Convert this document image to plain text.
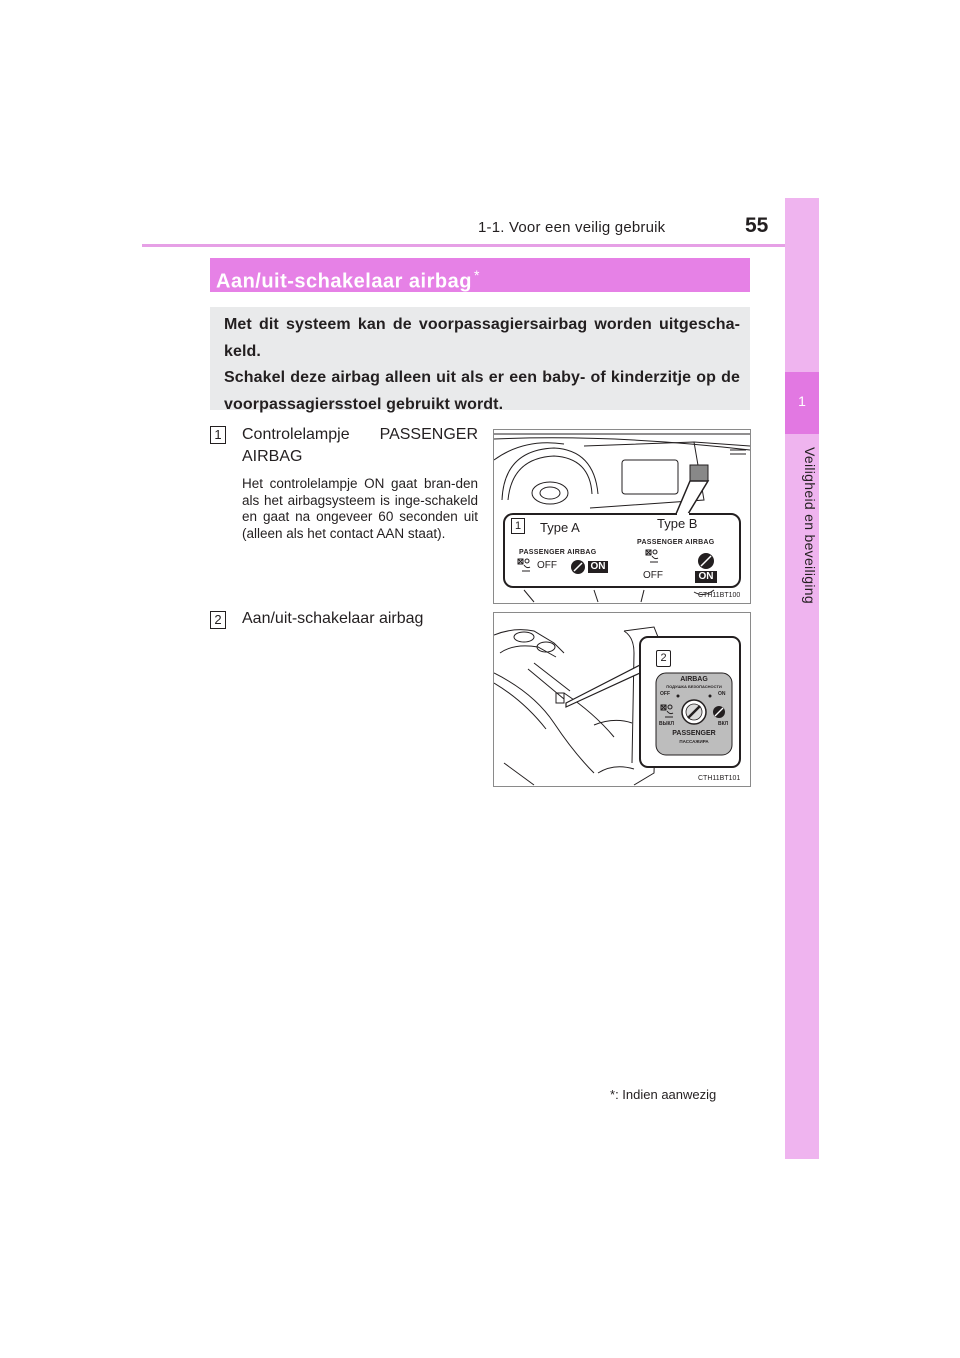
1-1. Voor een veilig gebruik	55
1
Veiligheid en beveiliging
Aan/uit-schakelaar airbag *

Met dit systeem kan de voorpassagiersairbag worden uitgescha-keld.

Schakel deze airbag alleen uit als er een baby- of kinderzitje op de voorpassagiersstoel gebruikt wordt.

1 Controlelampje PASSENGER AIRBAG
Het controlelampje ON gaat bran-den als het airbagsysteem is inge-schakeld en gaat na ongeveer 60 seconden uit (alleen als het contact AAN staat).
2 Aan/uit-schakelaar airbag
1	Type A	Type B
PASSENGER AIRBAG
PASSENGER AIRBAG
OFF	ON
OFF	ON
CTH11BT100
2
AIRBAG
ПОДУШКА БЕЗОПАСНОСТИ
OFF	ON
ВЫКЛ	ВКЛ
PASSENGER
ПАССАЖИРА
CTH11BT101
*: Indien aanwezig
